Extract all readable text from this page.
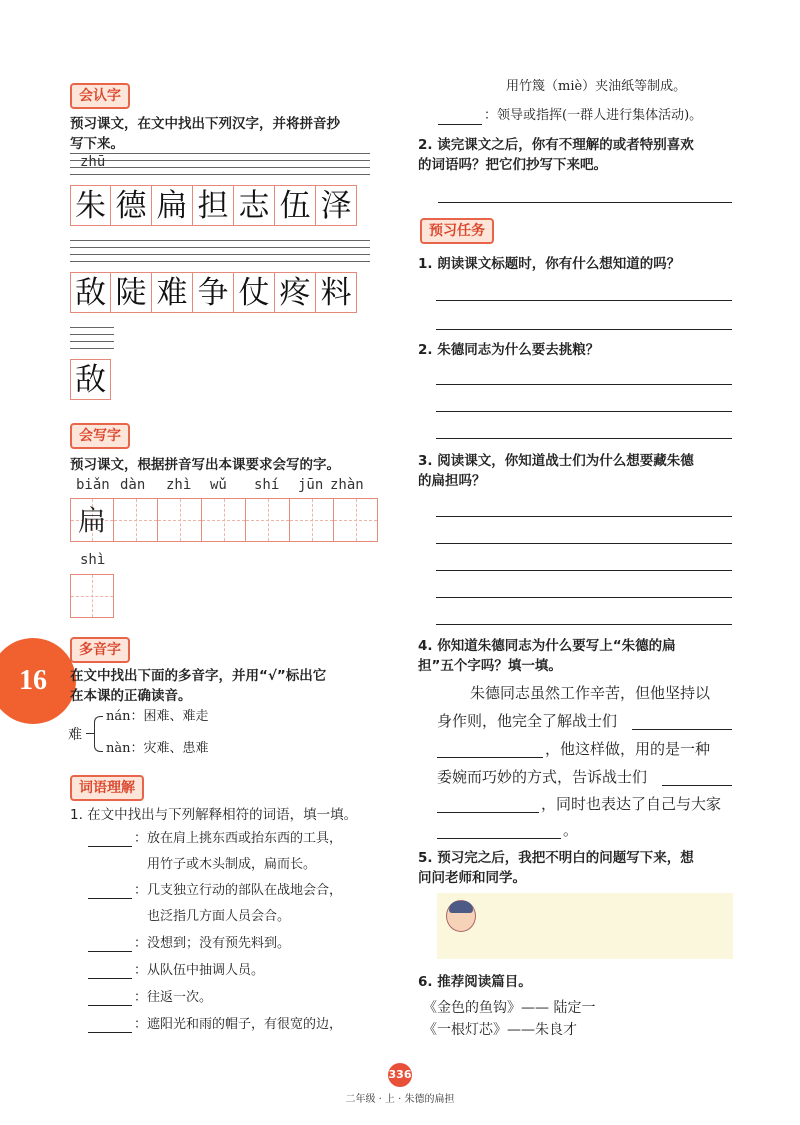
会认字
预习课文，在文中找出下列汉字，并将拼音抄
写下来。
zhū
朱 德 扁 担 志 伍 泽
敌 陡 难 争 仗 疼 料
敌
会写字
预习课文，根据拼音写出本课要求会写的字。
biǎn dàn zhì wǔ shí jūn zhàn
扁
shì
16
多音字
在文中找出下面的多音字，并用“√”标出它
在本课的正确读音。
难
nán：困难、难走
nàn：灾难、患难
词语理解
1. 在文中找出与下列解释相符的词语，填一填。
：放在肩上挑东西或抬东西的工具，
用竹子或木头制成，扁而长。
：几支独立行动的部队在战地会合，
也泛指几方面人员会合。
：没想到；没有预先料到。
：从队伍中抽调人员。
：往返一次。
：遮阳光和雨的帽子，有很宽的边，
用竹篾（miè）夹油纸等制成。
：领导或指挥(一群人进行集体活动)。
2. 读完课文之后，你有不理解的或者特别喜欢
的词语吗？把它们抄写下来吧。
预习任务
1. 朗读课文标题时，你有什么想知道的吗？
2. 朱德同志为什么要去挑粮？
3. 阅读课文，你知道战士们为什么想要藏朱德
的扁担吗？
4. 你知道朱德同志为什么要写上“朱德的扁
担”五个字吗？填一填。
朱德同志虽然工作辛苦，但他坚持以
身作则，他完全了解战士们
，他这样做，用的是一种
委婉而巧妙的方式，告诉战士们
，同时也表达了自己与大家
。
5. 预习完之后，我把不明白的问题写下来，想
问问老师和同学。
6. 推荐阅读篇目。
《金色的鱼钩》—— 陆定一
《一根灯芯》——朱良才
336
二年级 · 上 · 朱德的扁担
